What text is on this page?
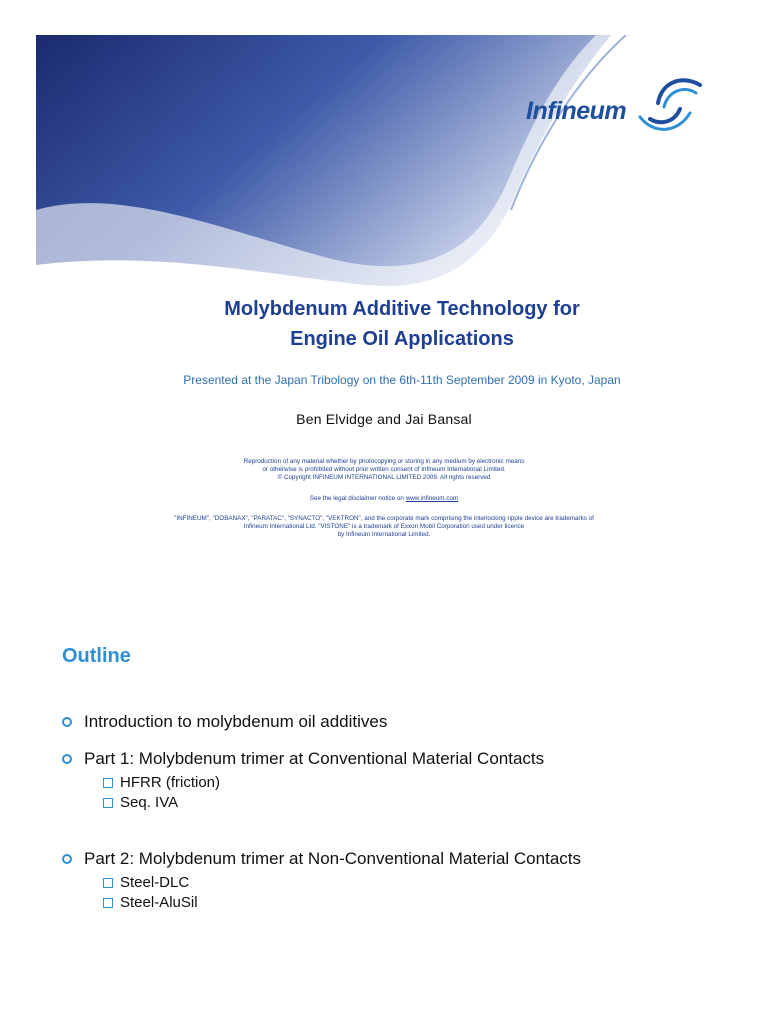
Infineum
Molybdenum Additive Technology for
Engine Oil Applications
Presented at the Japan Tribology on the 6th-11th September 2009 in Kyoto, Japan
Ben Elvidge and Jai Bansal
Reproduction of any material whether by photocopying or storing in any medium by electronic means
or otherwise is prohibited without prior written consent of Infineum International Limited.
© Copyright INFINEUM INTERNATIONAL LIMITED 2009. All rights reserved
See the legal disclaimer notice on www.infineum.com
"INFINEUM", "DOBANAX", "PARATAC", "SYNACTO", "VEKTRON", and the corporate mark comprising the interlocking ripple device are trademarks of
Infineum International Ltd. "VISTONE" is a trademark of Exxon Mobil Corporation used under licence
by Infineum International Limited.
Outline
Introduction to molybdenum oil additives
Part 1: Molybdenum trimer at Conventional Material Contacts
HFRR (friction)
Seq. IVA
Part 2: Molybdenum trimer at Non-Conventional Material Contacts
Steel-DLC
Steel-AluSil
